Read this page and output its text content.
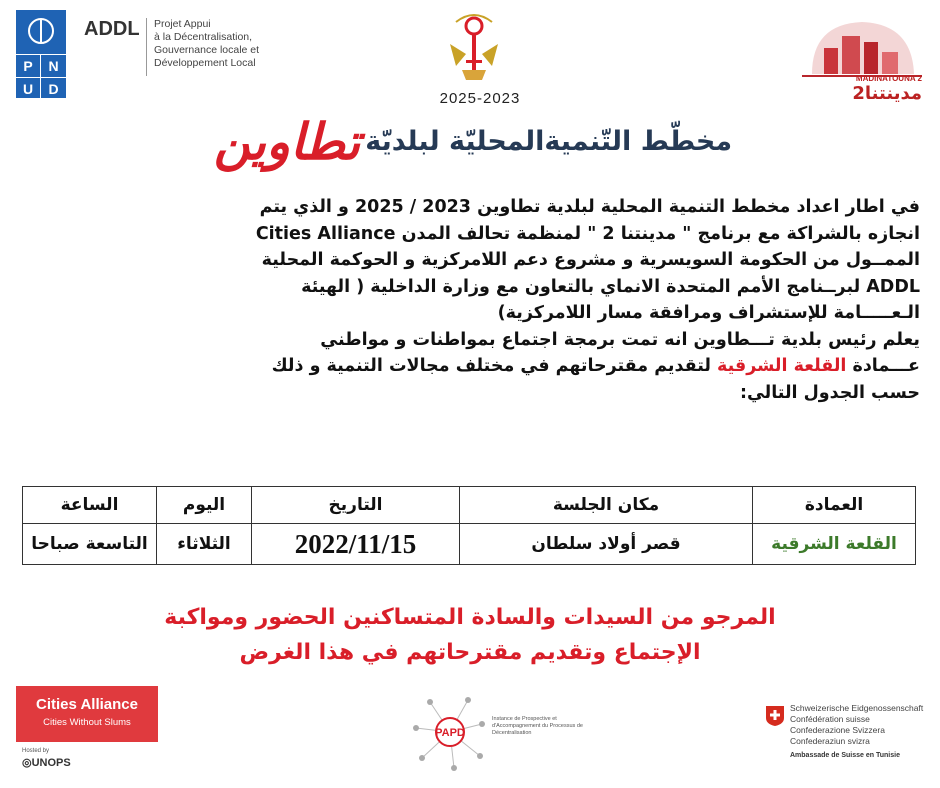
P	N
U	D
ADDL Projet Appui
à la Décentralisation,
Gouvernance locale et
Développement Local
2025-2023
MADINATOUNA 2
مدينتنا2
مخطّط التّنميةالمحليّة لبلديّة تطاوين
في اطار اعداد مخطط التنمية المحلية لبلدية تطاوين 2023 / 2025 و الذي يتم
انجازه بالشراكة مع برنامج " مدينتنا 2 " لمنظمة تحالف المدن Cities Alliance
الممــول من الحكومة السويسرية و مشروع دعم اللامركزية و الحوكمة المحلية
ADDL لبرــنامج الأمم المتحدة الانماي بالتعاون مع وزارة الداخلية ( الهيئة
الـعـــــامة للإستشراف ومرافقة مسار اللامركزية)
يعلم رئيس بلدية تـــطاوين انه تمت برمجة اجتماع بمواطنات و مواطني
عـــمادة القلعة الشرقية لتقديم مقترحاتهم في مختلف مجالات التنمية و ذلك
حسب الجدول التالي:
العمادة	مكان الجلسة	التاريخ	اليوم	الساعة
القلعة الشرقية	قصر أولاد سلطان	2022/11/15	الثلاثاء	التاسعة صباحا
المرجو من السيدات والسادة المتساكنين الحضور ومواكبة
الإجتماع وتقديم مقترحاتهم في هذا الغرض
Cities Alliance
Cities Without Slums
Hosted by
◎UNOPS
PAPD
Instance de Prospective et d'Accompagnement du Processus de Décentralisation
Schweizerische Eidgenossenschaft
Confédération suisse
Confederazione Svizzera
Confederaziun svizra
Ambassade de Suisse en Tunisie
